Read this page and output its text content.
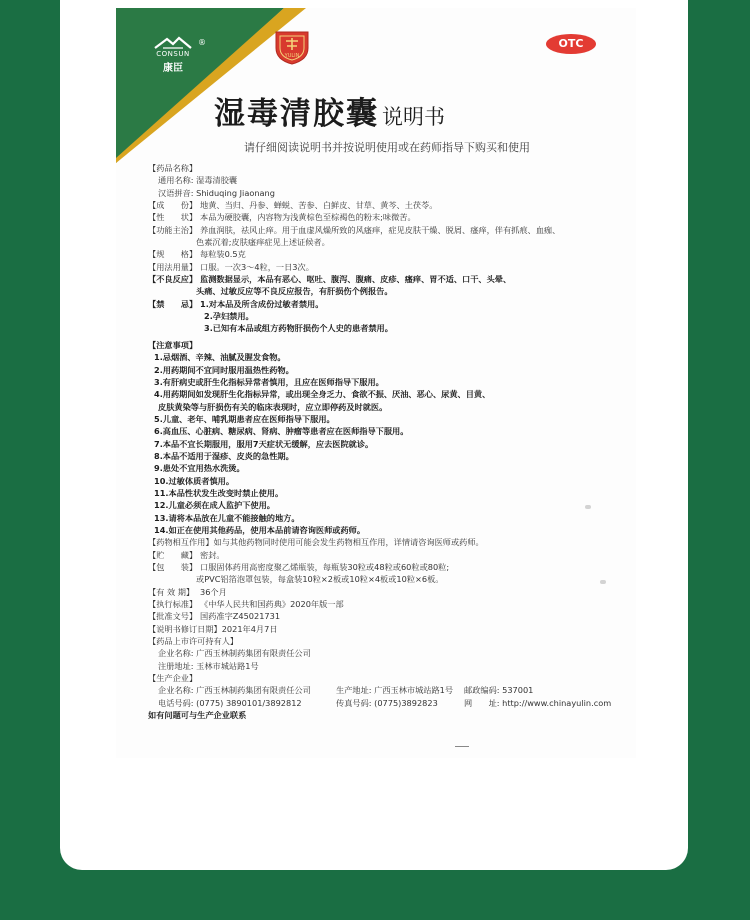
CONSUN
康臣
®
YULIN
OTC
湿毒清胶囊 说明书
请仔细阅读说明书并按说明使用或在药师指导下购买和使用
【药品名称】
通用名称: 湿毒清胶囊
汉语拼音: Shiduqing Jiaonang
【成　　份】 地黄、当归、丹参、蝉蜕、苦参、白鲜皮、甘草、黄芩、土茯苓。
【性　　状】 本品为硬胶囊，内容物为浅黄棕色至棕褐色的粉末;味微苦。
【功能主治】 养血润肤，祛风止痒。用于血虚风燥所致的风瘙痒，症见皮肤干燥、脱屑、瘙痒，伴有抓痕、血痂、
色素沉着;皮肤瘙痒症见上述证候者。
【规　　格】 每粒装0.5克
【用法用量】 口服。一次3～4粒，一日3次。
【不良反应】 监测数据显示，本品有恶心、呕吐、腹泻、腹痛、皮疹、瘙痒、胃不适、口干、头晕、
头痛、过敏反应等不良反应报告，有肝损伤个例报告。
【禁　　忌】 1.对本品及所含成份过敏者禁用。
2.孕妇禁用。
3.已知有本品或组方药物肝损伤个人史的患者禁用。
【注意事项】
1.忌烟酒、辛辣、油腻及腥发食物。
2.用药期间不宜同时服用温热性药物。
3.有肝病史或肝生化指标异常者慎用，且应在医师指导下服用。
4.用药期间如发现肝生化指标异常，或出现全身乏力、食欲不振、厌油、恶心、尿黄、目黄、
皮肤黄染等与肝损伤有关的临床表现时，应立即停药及时就医。
5.儿童、老年、哺乳期患者应在医师指导下服用。
6.高血压、心脏病、糖尿病、肾病、肿瘤等患者应在医师指导下服用。
7.本品不宜长期服用，服用7天症状无缓解，应去医院就诊。
8.本品不适用于湿疹、皮炎的急性期。
9.患处不宜用热水洗烫。
10.过敏体质者慎用。
11.本品性状发生改变时禁止使用。
12.儿童必须在成人监护下使用。
13.请将本品放在儿童不能接触的地方。
14.如正在使用其他药品，使用本品前请咨询医师或药师。
【药物相互作用】如与其他药物同时使用可能会发生药物相互作用，详情请咨询医师或药师。
【贮　　藏】 密封。
【包　　装】 口服固体药用高密度聚乙烯瓶装，每瓶装30粒或48粒或60粒或80粒;
或PVC铝箔泡罩包装，每盒装10粒×2板或10粒×4板或10粒×6板。
【有 效 期】 36个月
【执行标准】 《中华人民共和国药典》2020年版一部
【批准文号】 国药准字Z45021731
【说明书修订日期】2021年4月7日
【药品上市许可持有人】
企业名称: 广西玉林制药集团有限责任公司
注册地址: 玉林市城站路1号
【生产企业】
企业名称: 广西玉林制药集团有限责任公司	生产地址: 广西玉林市城站路1号 邮政编码: 537001
电话号码: (0775) 3890101/3892812	传真号码: (0775)3892823	网　　址: http://www.chinayulin.com
如有问题可与生产企业联系
